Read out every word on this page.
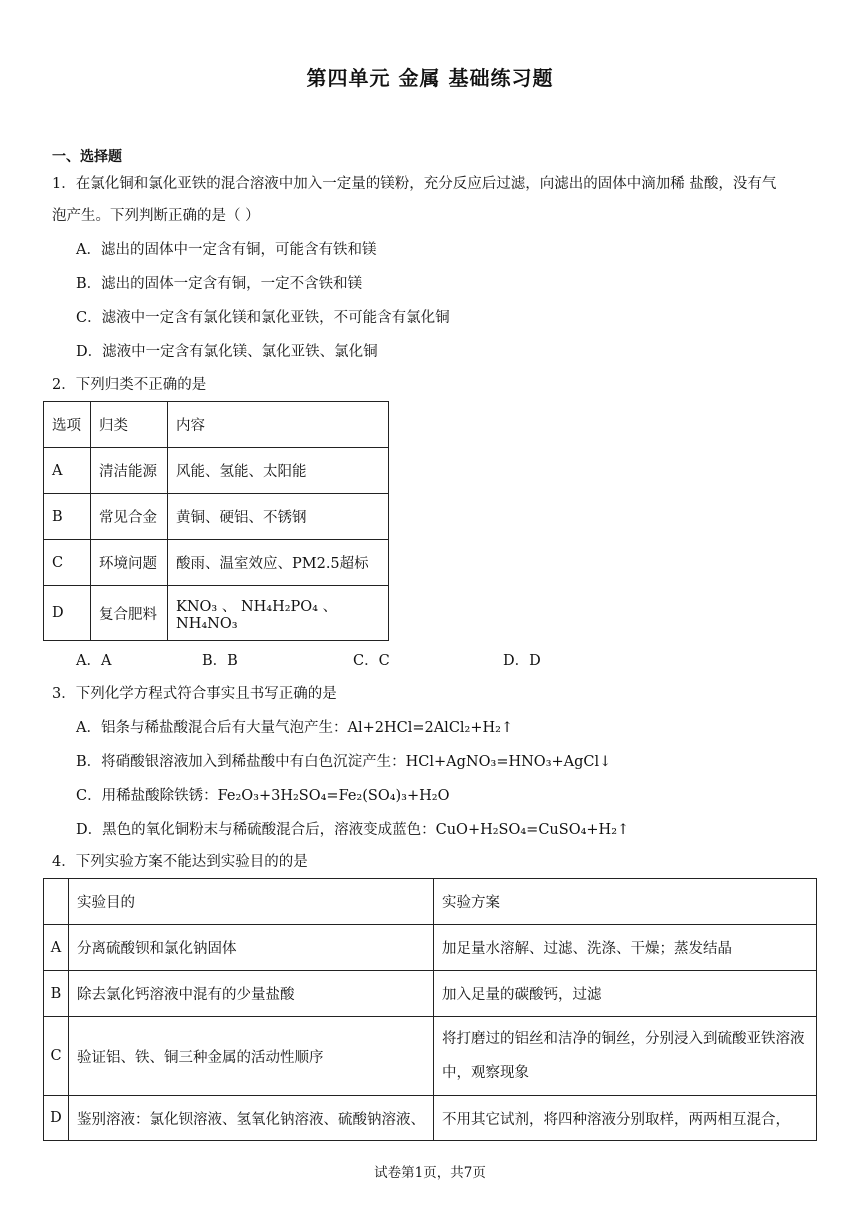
第四单元 金属 基础练习题
一、选择题
1．在氯化铜和氯化亚铁的混合溶液中加入一定量的镁粉，充分反应后过滤，向滤出的固体中滴加稀 盐酸，没有气
泡产生。下列判断正确的是（ ）
A．滤出的固体中一定含有铜，可能含有铁和镁
B．滤出的固体一定含有铜，一定不含铁和镁
C．滤液中一定含有氯化镁和氯化亚铁，不可能含有氯化铜
D．滤液中一定含有氯化镁、氯化亚铁、氯化铜
2．下列归类不正确的是
选项	归类	内容
A	清洁能源	风能、氢能、太阳能
B	常见合金	黄铜、硬铝、不锈钢
C	环境问题	酸雨、温室效应、PM2.5超标
D	复合肥料	KNO₃ 、 NH₄H₂PO₄ 、 NH₄NO₃
A．A	B．B	C．C	D．D
3．下列化学方程式符合事实且书写正确的是
A．铝条与稀盐酸混合后有大量气泡产生：Al+2HCl=2AlCl₂+H₂↑
B．将硝酸银溶液加入到稀盐酸中有白色沉淀产生：HCl+AgNO₃=HNO₃+AgCl↓
C．用稀盐酸除铁锈：Fe₂O₃+3H₂SO₄=Fe₂(SO₄)₃+H₂O
D．黑色的氧化铜粉末与稀硫酸混合后，溶液变成蓝色：CuO+H₂SO₄=CuSO₄+H₂↑
4．下列实验方案不能达到实验目的的是
	实验目的	实验方案
A	分离硫酸钡和氯化钠固体	加足量水溶解、过滤、洗涤、干燥；蒸发结晶
B	除去氯化钙溶液中混有的少量盐酸	加入足量的碳酸钙，过滤
C	验证铝、铁、铜三种金属的活动性顺序	将打磨过的铝丝和洁净的铜丝，分别浸入到硫酸亚铁溶液中，观察现象
D	鉴别溶液：氯化钡溶液、氢氧化钠溶液、硫酸钠溶液、	不用其它试剂，将四种溶液分别取样，两两相互混合，
试卷第1页，共7页
